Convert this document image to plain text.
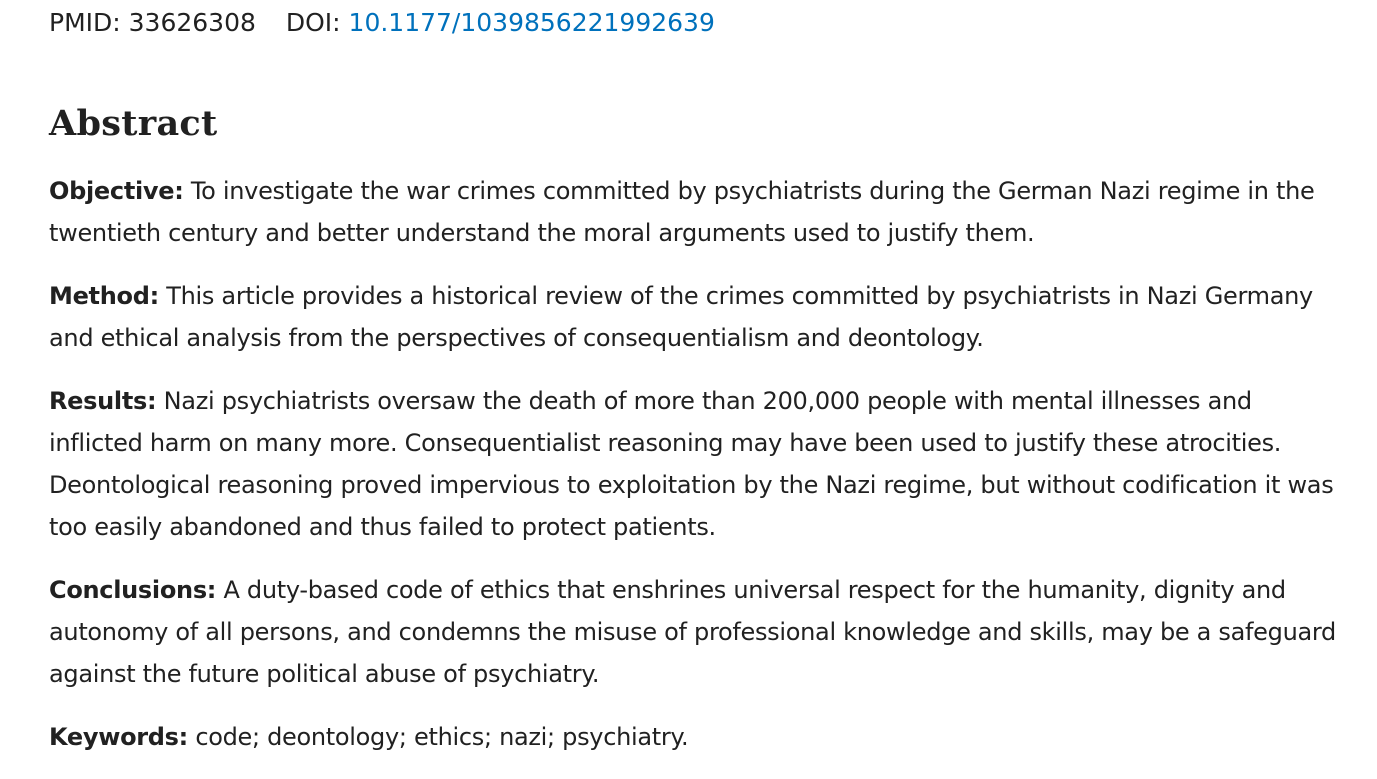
PMID: 33626308 DOI: 10.1177/1039856221992639
Abstract

Objective: To investigate the war crimes committed by psychiatrists during the German Nazi regime in the twentieth century and better understand the moral arguments used to justify them.

Method: This article provides a historical review of the crimes committed by psychiatrists in Nazi Germany and ethical analysis from the perspectives of consequentialism and deontology.

Results: Nazi psychiatrists oversaw the death of more than 200,000 people with mental illnesses and inflicted harm on many more. Consequentialist reasoning may have been used to justify these atrocities. Deontological reasoning proved impervious to exploitation by the Nazi regime, but without codification it was too easily abandoned and thus failed to protect patients.

Conclusions: A duty-based code of ethics that enshrines universal respect for the humanity, dignity and autonomy of all persons, and condemns the misuse of professional knowledge and skills, may be a safeguard against the future political abuse of psychiatry.

Keywords: code; deontology; ethics; nazi; psychiatry.
